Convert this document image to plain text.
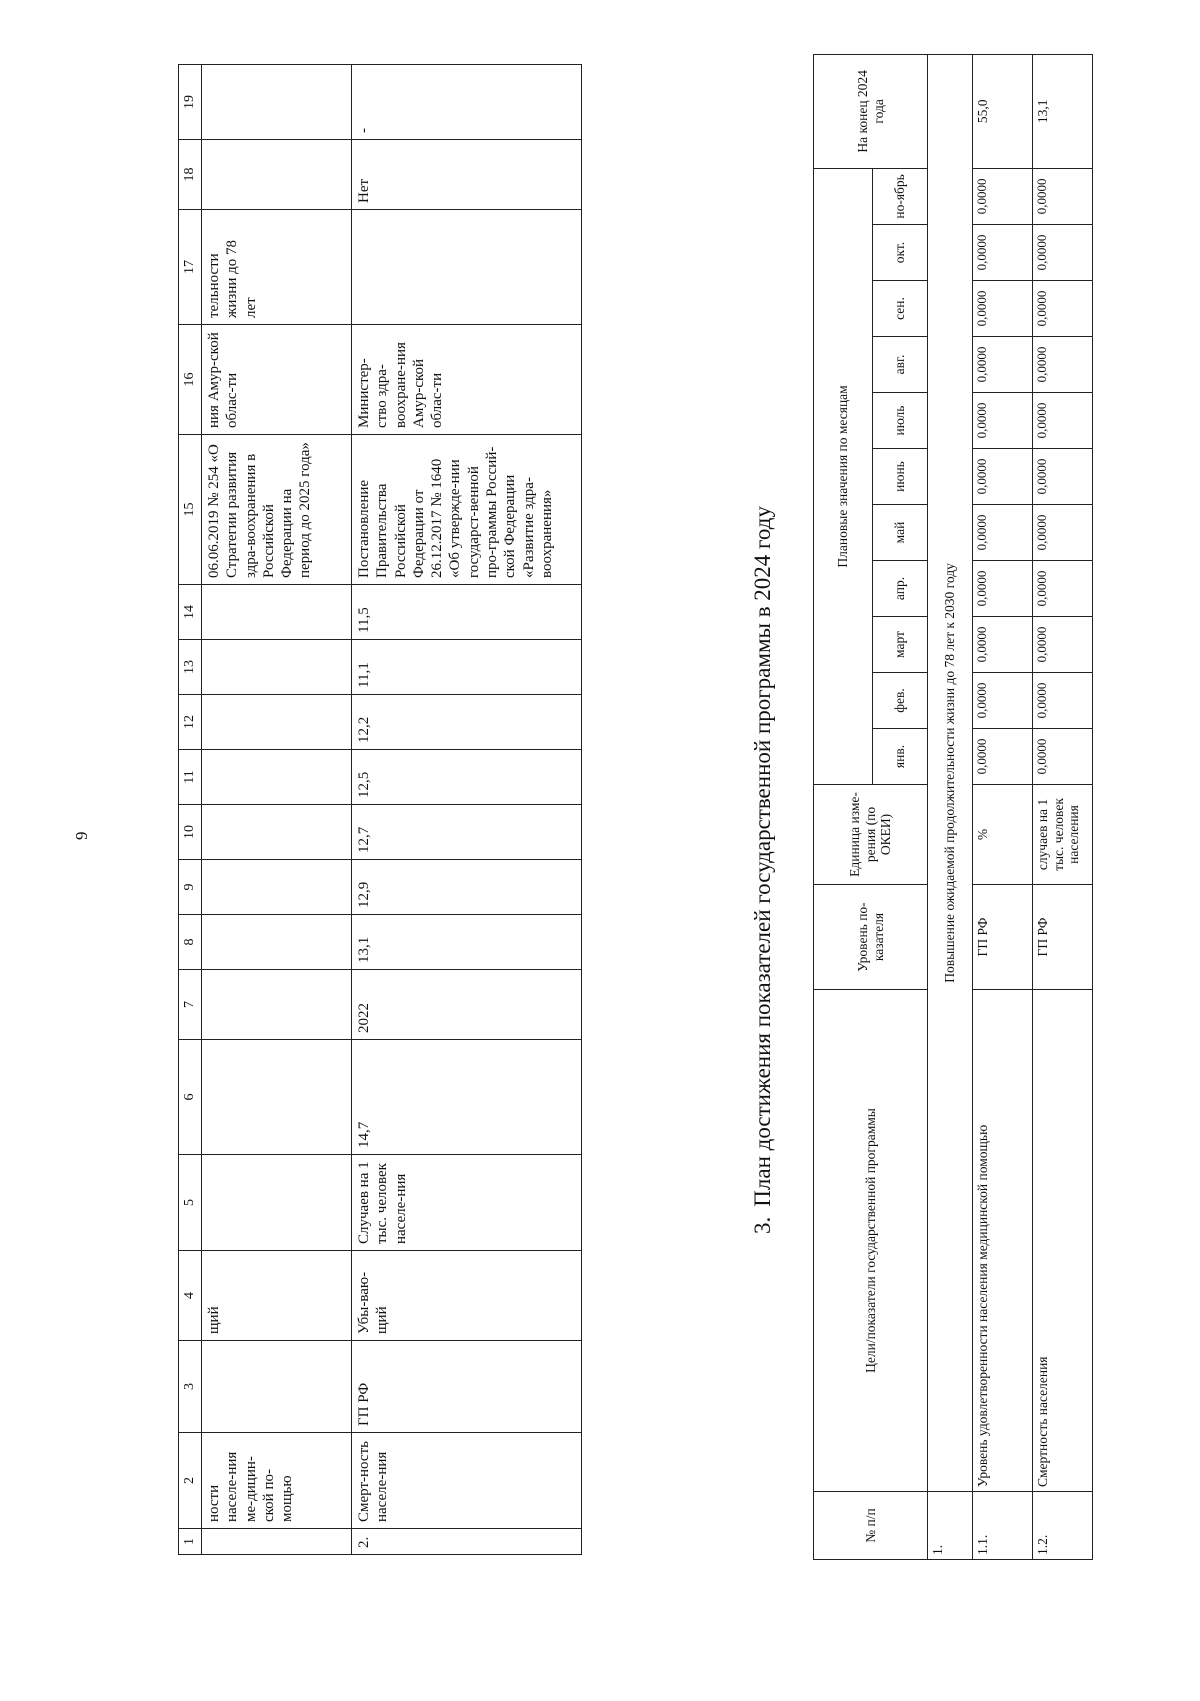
9
1	2	3	4	5	6	7	8	9	10	11	12	13	14	15	16	17	18	19
	ности населе-ния ме-дицин-ской по-мощью		щий											06.06.2019 № 254 «О Стратегии развития здра-воохранения в Российской Федерации на период до 2025 года»	ния Амур-ской облас-ти	тельности жизни до 78 лет		
2.	Смерт-ность населе-ния	ГП РФ	Убы-ваю-щий	Случаев на 1 тыс. человек населе-ния	14,7	2022	13,1	12,9	12,7	12,5	12,2	11,1	11,5	Постановление Правительства Российской Федерации от 26.12.2017 № 1640 «Об утвержде-нии государст-венной про-граммы Россий-ской Федерации «Развитие здра-воохранения»	Министер-ство здра-воохране-ния Амур-ской облас-ти		Нет	-
3.План достижения показателей государственной программы в 2024 году
№ п/п	Цели/показатели государственной программы	Уровень по-казателя	Единица изме-рения (по ОКЕИ)	Плановые значения по месяцам											На конец 2024 года
				янв.	фев.	март	апр.	май	июнь	июль	авг.	сен.	окт.	но-ябрь	
1.	Повышение ожидаемой продолжительности жизни до 78 лет к 2030 году														
1.1.	Уровень удовлетворенности населения медицинской помощью	ГП РФ	%	0,0000	0,0000	0,0000	0,0000	0,0000	0,0000	0,0000	0,0000	0,0000	0,0000	0,0000	55,0
1.2.	Смертность населения	ГП РФ	случаев на 1 тыс. человек населения	0,0000	0,0000	0,0000	0,0000	0,0000	0,0000	0,0000	0,0000	0,0000	0,0000	0,0000	13,1
